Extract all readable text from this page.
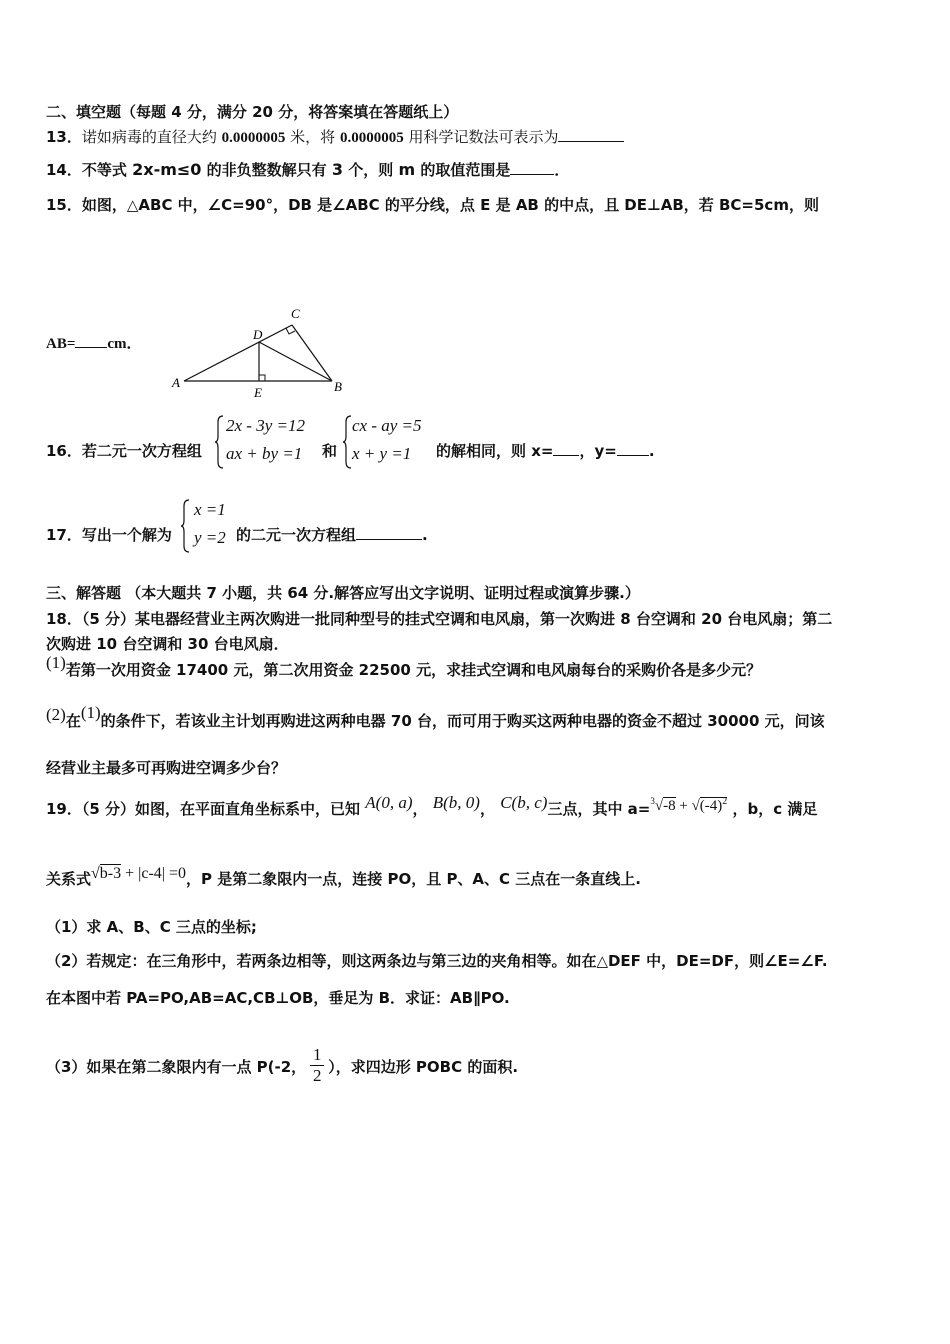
二、填空题（每题 4 分，满分 20 分，将答案填在答题纸上）
13．诺如病毒的直径大约 0.0000005 米，将 0.0000005 用科学记数法可表示为
14．不等式 2x-m≤0 的非负整数解只有 3 个，则 m 的取值范围是	．
15．如图，△ABC 中，∠C=90°，DB 是∠ABC 的平分线，点 E 是 AB 的中点，且 DE⊥AB，若 BC=5cm，则
AB= cm．
A	B
C
D
E
16．若二元一次方程组
2x - 3y =12
ax + by =1 和
cx - ay =5
x + y =1 的解相同，则 x= ，y= .
17．写出一个解为
x =1
y =2 的二元一次方程组	.
三、解答题 （本大题共 7 小题，共 64 分.解答应写出文字说明、证明过程或演算步骤.）
18．（5 分）某电器经营业主两次购进一批同种型号的挂式空调和电风扇，第一次购进 8 台空调和 20 台电风扇；第二
次购进 10 台空调和 30 台电风扇．
(1)若第一次用资金 17400 元，第二次用资金 22500 元，求挂式空调和电风扇每台的采购价各是多少元？
(2)在(1)的条件下，若该业主计划再购进这两种电器 70 台，而可用于购买这两种电器的资金不超过 30000 元，问该
经营业主最多可再购进空调多少台？
19．（5 分）如图，在平面直角坐标系中，已知 A(0, a)， B(b, 0)， C(b, c)三点，其中 $a=^3√-8 + √(-4)^2$ ，b，c 满足
关系式√b-3 + |c-4| =0，P 是第二象限内一点，连接 PO，且 P、A、C 三点在一条直线上.
（1）求 A、B、C 三点的坐标;
（2）若规定：在三角形中，若两条边相等，则这两条边与第三边的夹角相等。如在△DEF 中，DE=DF，则∠E=∠F.
在本图中若 PA=PO,AB=AC,CB⊥OB，垂足为 B．求证：AB∥PO.
（3）如果在第二象限内有一点 P(-2， $\frac{1}{2}$ ），求四边形 POBC 的面积.
